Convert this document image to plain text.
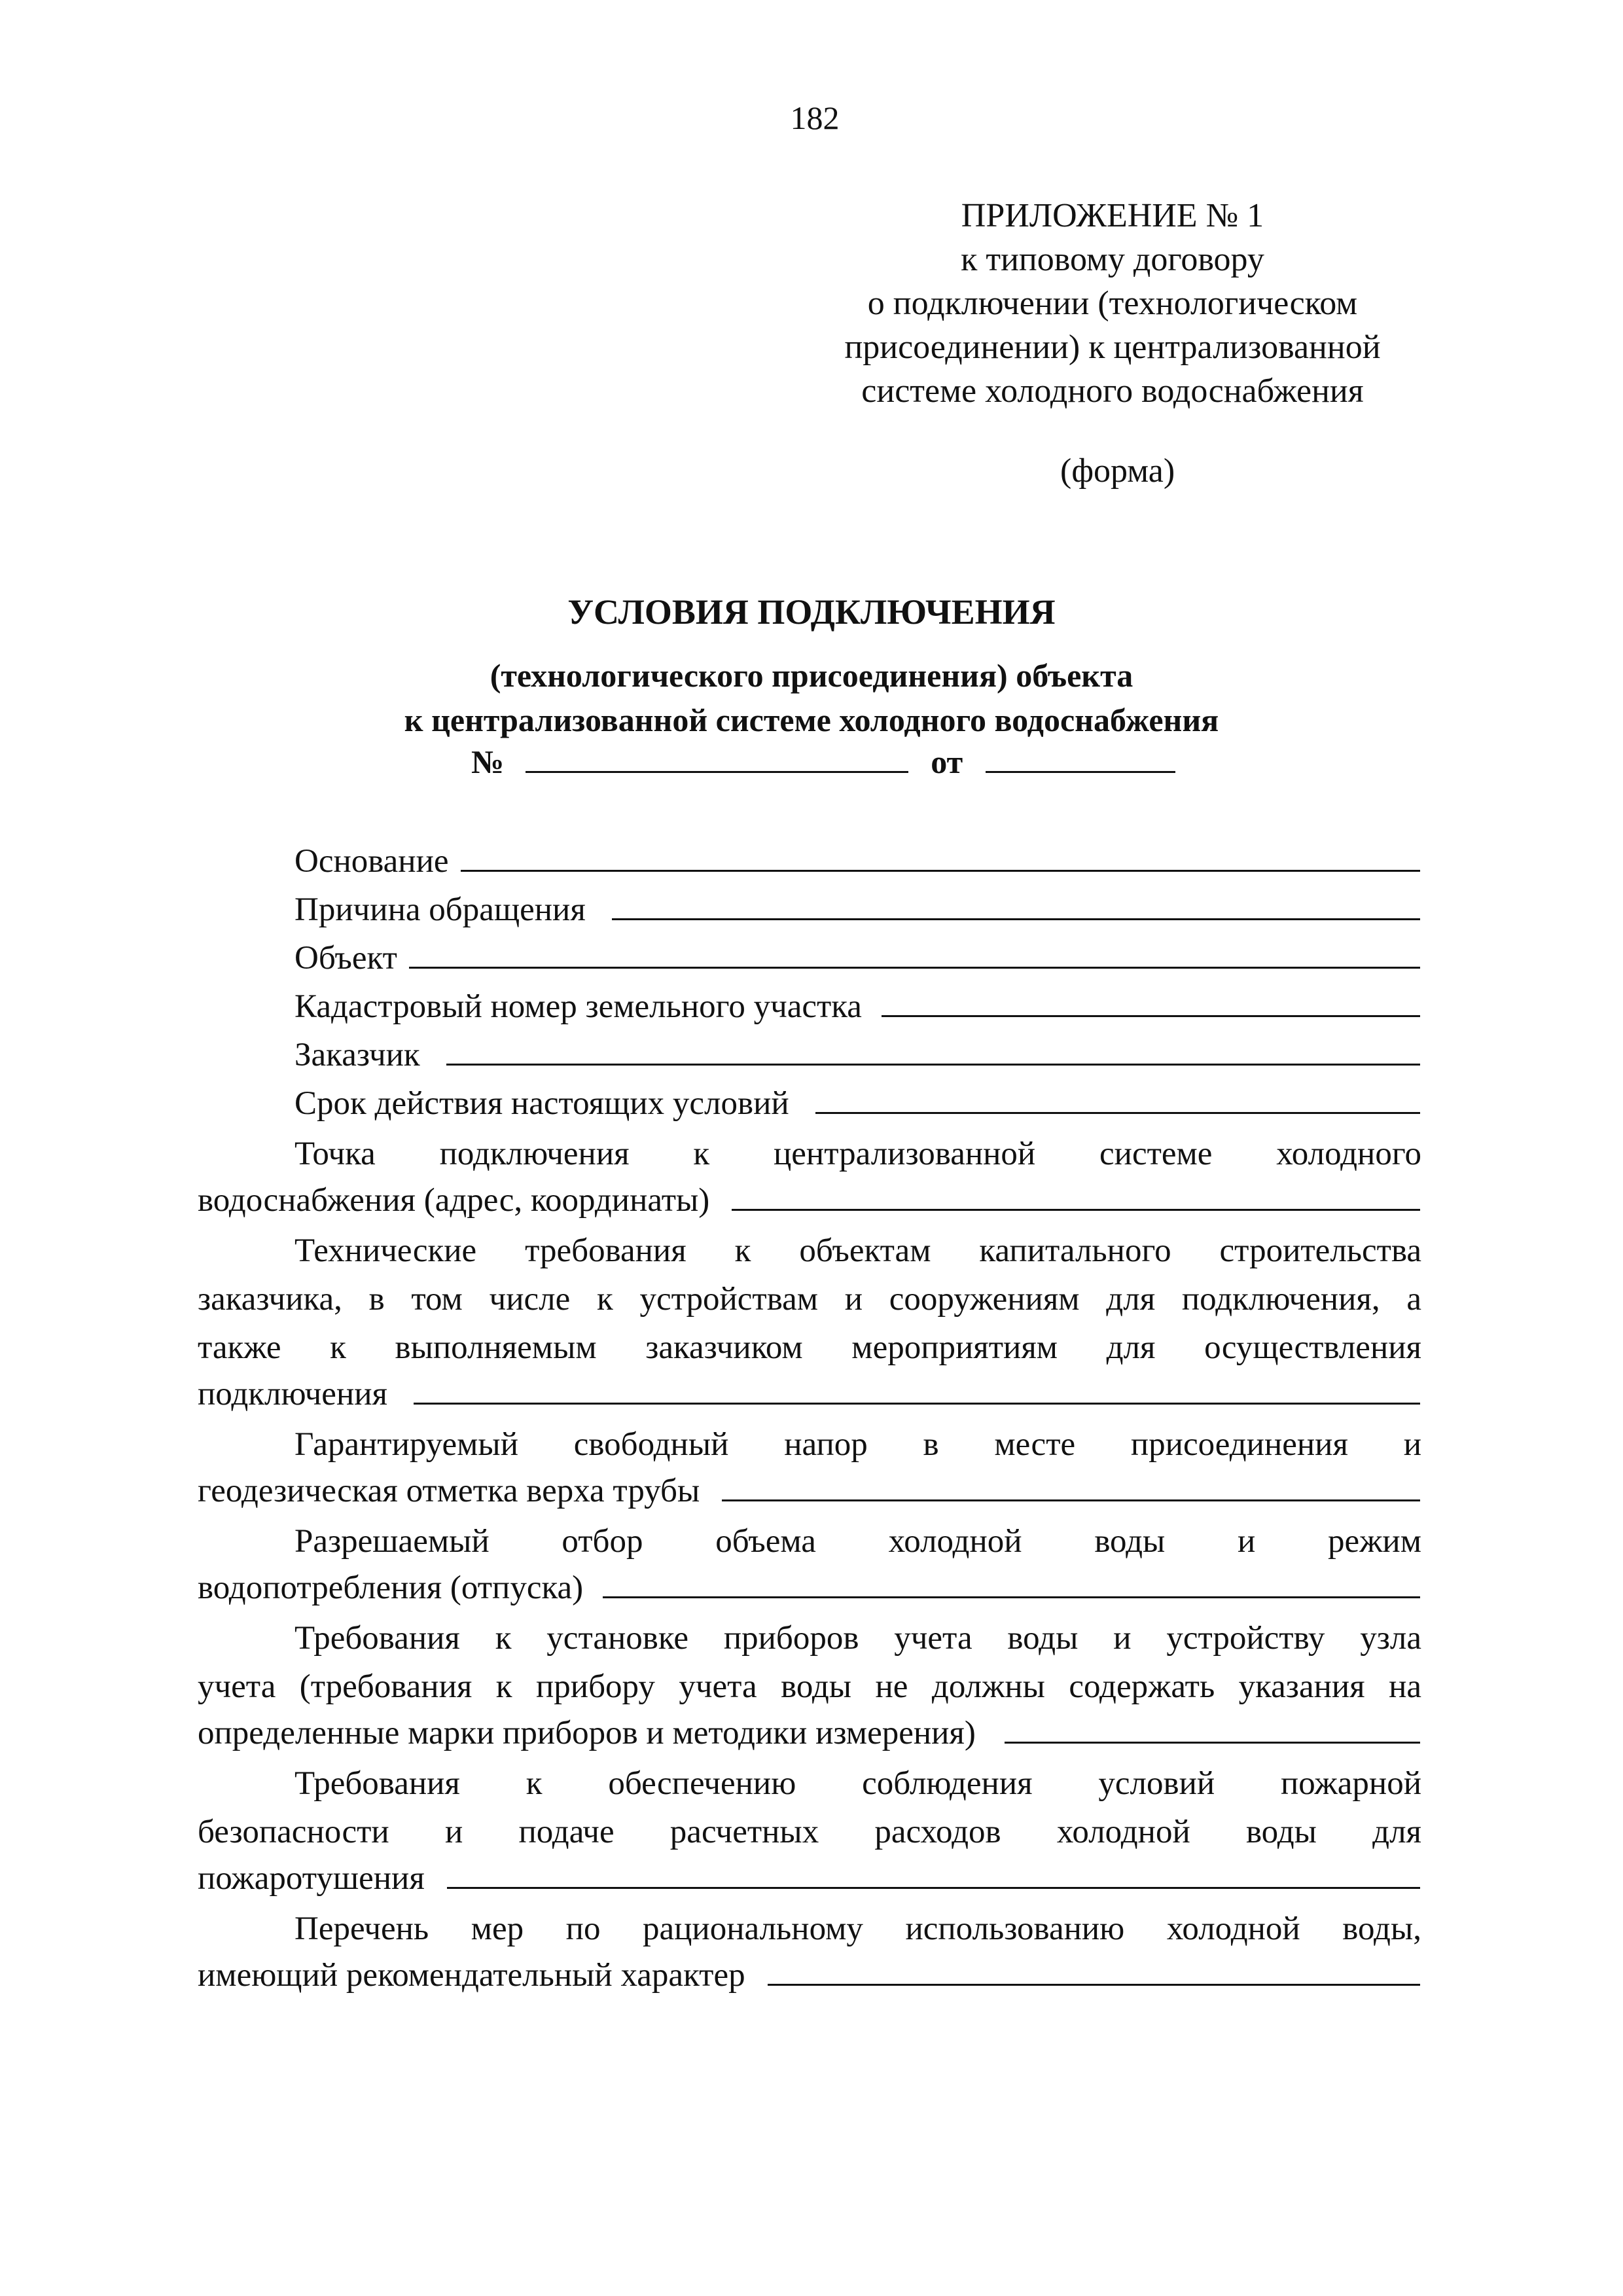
182
ПРИЛОЖЕНИЕ № 1
к типовому договору
о подключении (технологическом
присоединении) к централизованной
системе холодного водоснабжения
(форма)
УСЛОВИЯ ПОДКЛЮЧЕНИЯ
(технологического присоединения) объекта
к централизованной системе холодного водоснабжения
№	от
Основание
Причина обращения
Объект
Кадастровый номер земельного участка
Заказчик
Срок действия настоящих условий
Точка подключения к централизованной системе холодного
водоснабжения (адрес, координаты)
Технические требования к объектам капитального строительства
заказчика, в том числе к устройствам и сооружениям для подключения, а
также к выполняемым заказчиком мероприятиям для осуществления
подключения
Гарантируемый свободный напор в месте присоединения и
геодезическая отметка верха трубы
Разрешаемый отбор объема холодной воды и режим
водопотребления (отпуска)
Требования к установке приборов учета воды и устройству узла
учета (требования к прибору учета воды не должны содержать указания на
определенные марки приборов и методики измерения)
Требования к обеспечению соблюдения условий пожарной
безопасности и подаче расчетных расходов холодной воды для
пожаротушения
Перечень мер по рациональному использованию холодной воды,
имеющий рекомендательный характер
